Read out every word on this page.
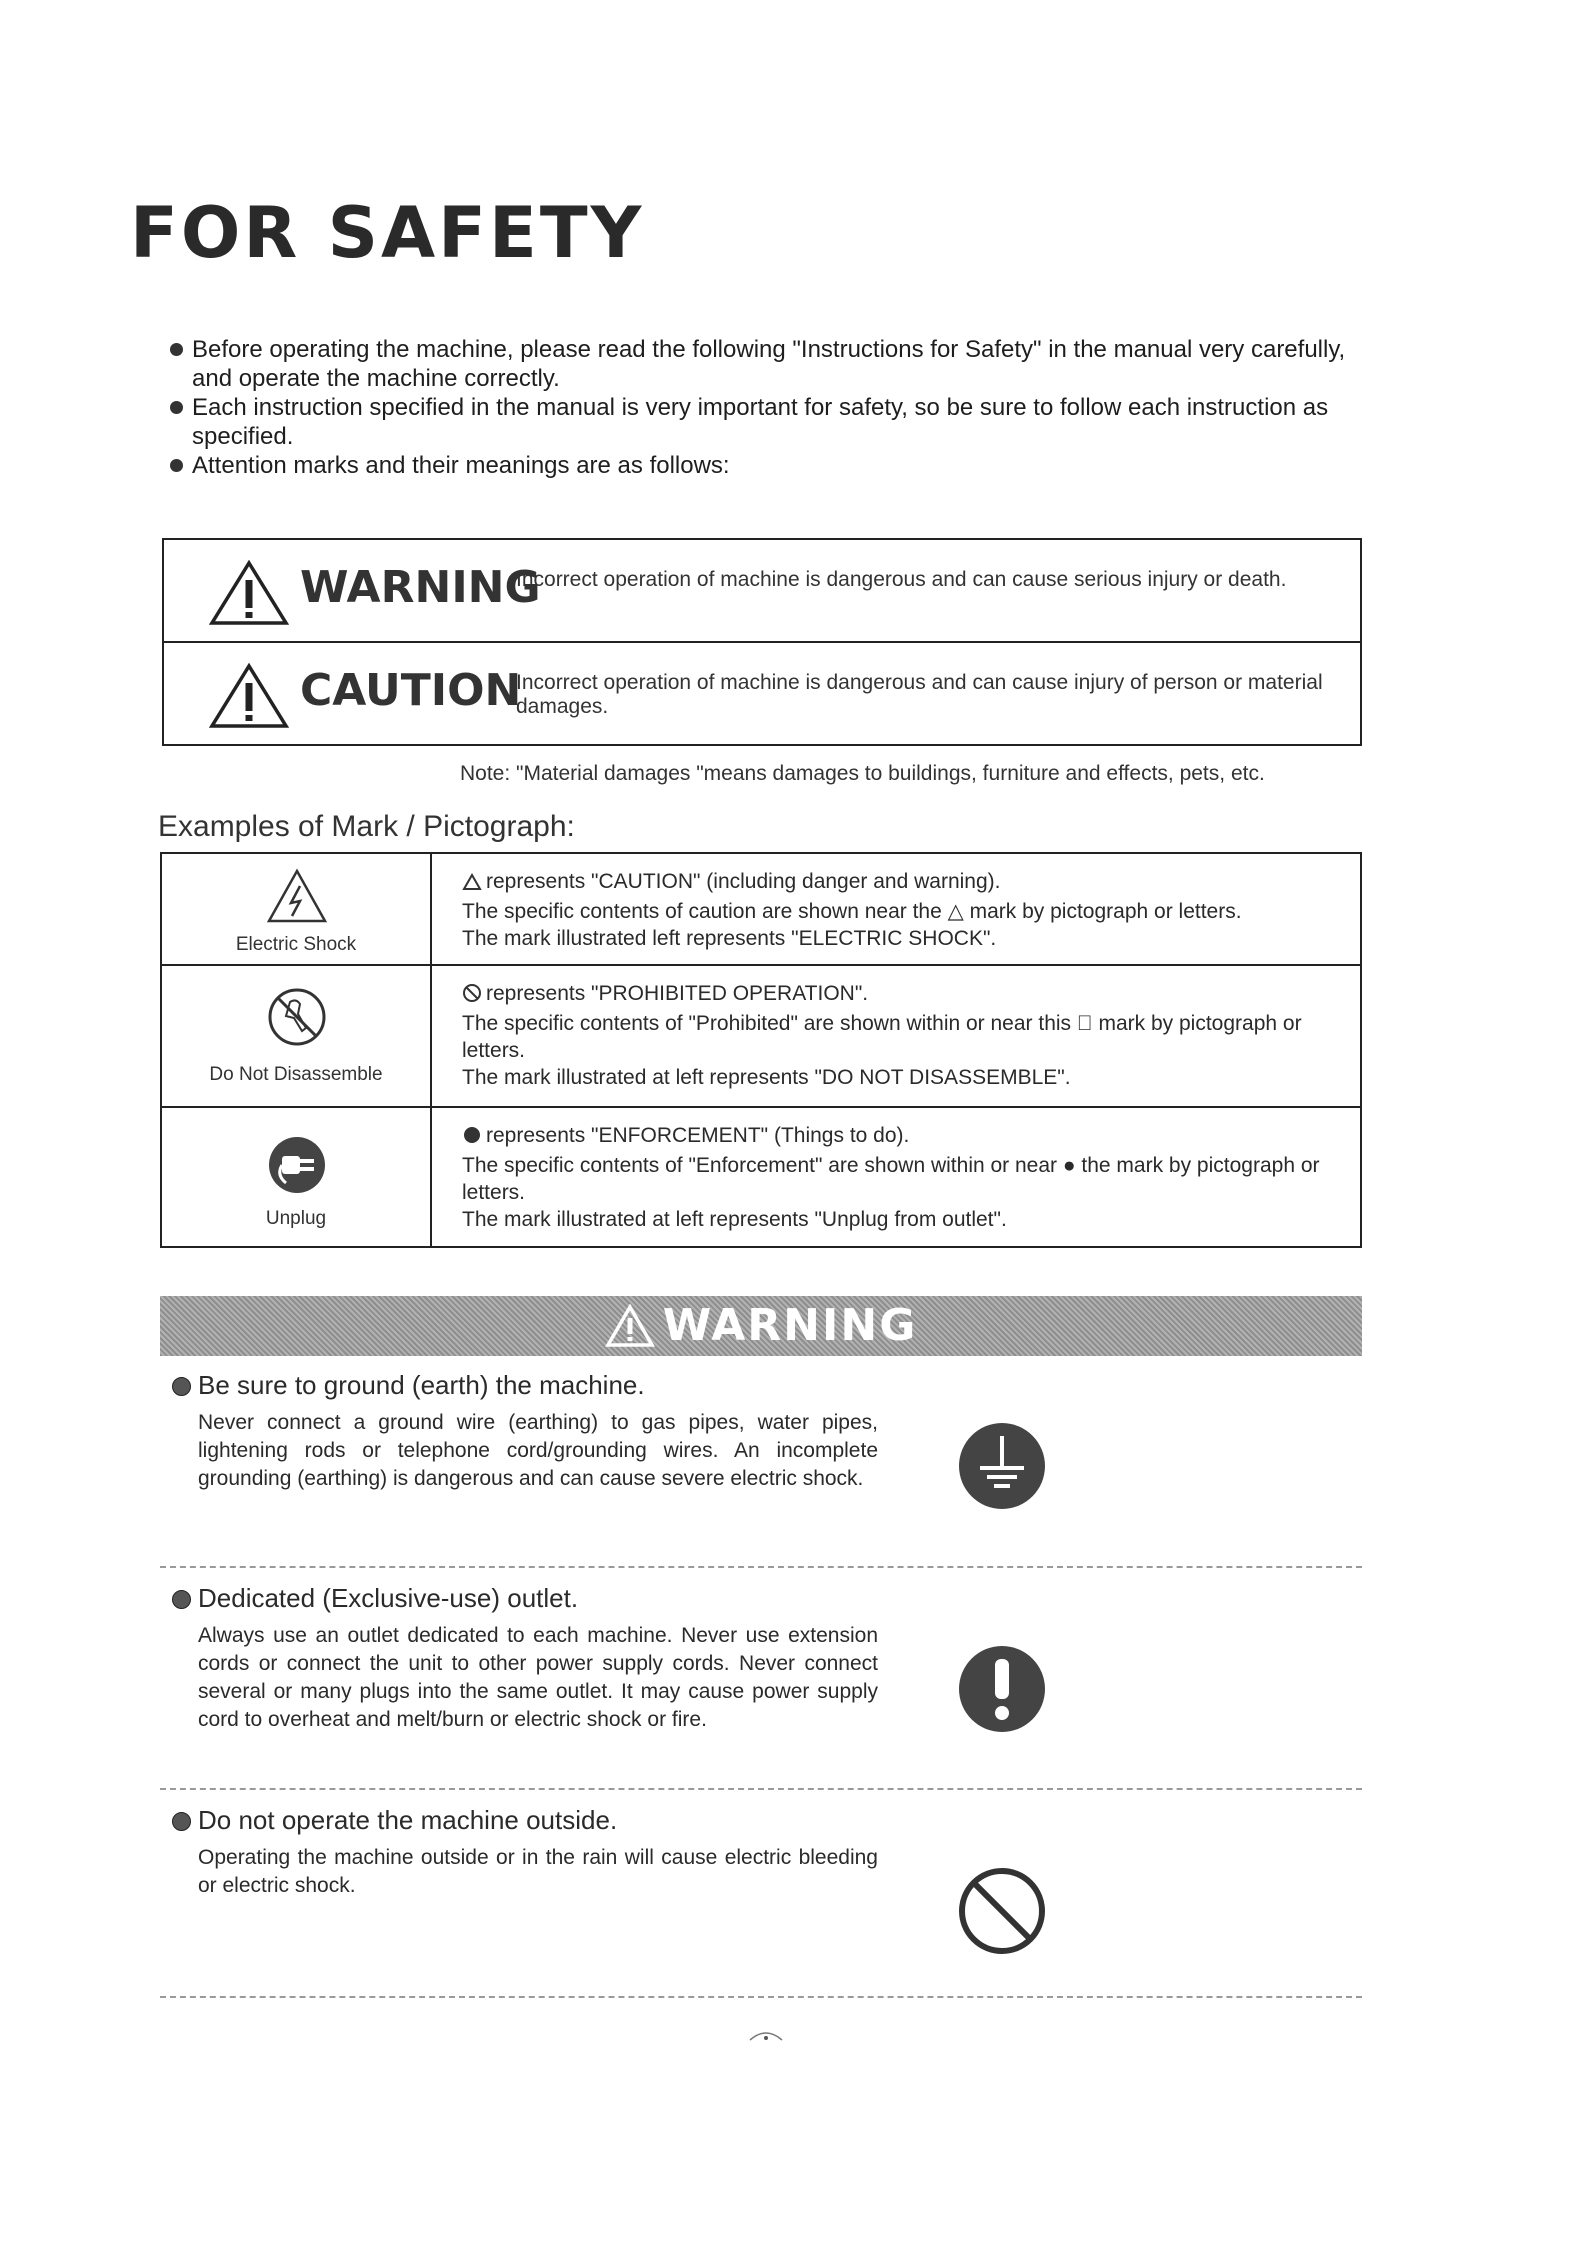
FOR SAFETY
Before operating the machine, please read the following "Instructions for Safety" in the manual very carefully, and operate the machine correctly.
Each instruction specified in the manual is very important for safety, so be sure to follow each instruction as specified.
Attention marks and their meanings are as follows:
WARNING
Incorrect operation of machine is dangerous and can cause serious injury or death.
CAUTION
Incorrect operation of machine is dangerous and can cause injury of person or material damages.
Note: "Material damages "means damages to buildings, furniture and effects, pets, etc.
Examples of Mark / Pictograph:
Electric Shock

represents "CAUTION" (including danger and warning).

The specific contents of caution are shown near the △ mark by pictograph or letters.

The mark illustrated left represents "ELECTRIC SHOCK".

Do Not Disassemble

represents "PROHIBITED OPERATION".

The specific contents of "Prohibited" are shown within or near this ⃠ mark by pictograph or letters.

The mark illustrated at left represents "DO NOT DISASSEMBLE".

Unplug

represents "ENFORCEMENT" (Things to do).

The specific contents of "Enforcement" are shown within or near ● the mark by pictograph or letters.

The mark illustrated at left represents "Unplug from outlet".

WARNING
Be sure to ground (earth) the machine.
Never connect a ground wire (earthing) to gas pipes, water pipes, lightening rods or telephone cord/grounding wires. An incomplete grounding (earthing) is dangerous and can cause severe electric shock.
Dedicated (Exclusive-use) outlet.
Always use an outlet dedicated to each machine. Never use extension cords or connect the unit to other power supply cords. Never connect several or many plugs into the same outlet. It may cause power supply cord to overheat and melt/burn or electric shock or fire.
Do not operate the machine outside.
Operating the machine outside or in the rain will cause electric bleeding or electric shock.
